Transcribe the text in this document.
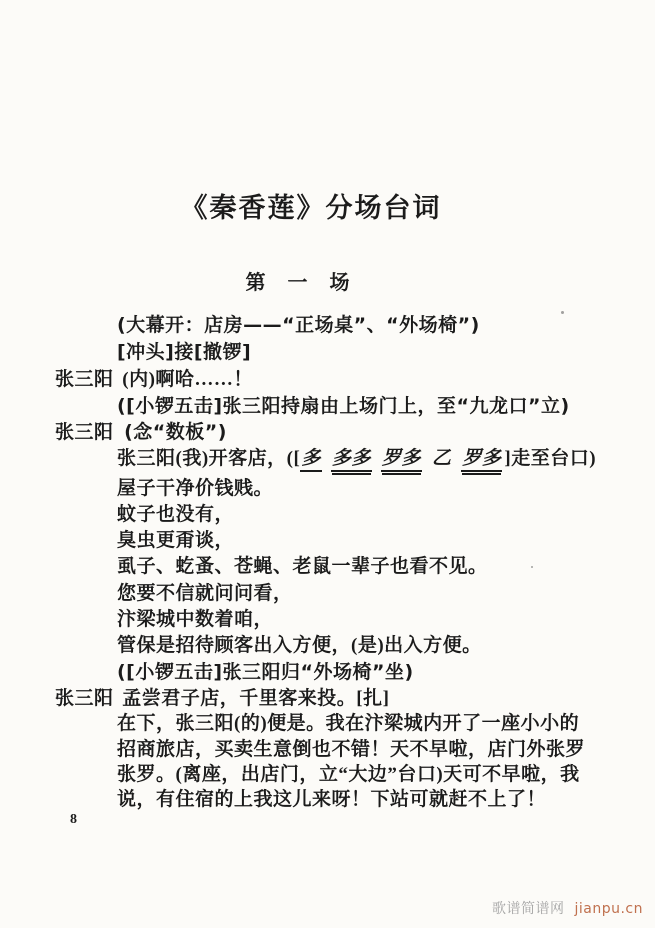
《秦香莲》分场台词
第　一　场
(大幕开：店房——“正场桌”、“外场椅”)
[冲头]接[撤锣]
张三阳 (内)啊哈……！
([小锣五击]张三阳持扇由上场门上，至“九龙口”立)
张三阳 (念“数板”)
张三阳(我)开客店，([多 多多 罗多 乙 罗多 ]走至台口)
屋子干净价钱贱。
蚊子也没有，
臭虫更甭谈，
虱子、虼蚤、苍蝇、老鼠一辈子也看不见。
您要不信就问问看，
汴梁城中数着咱，
管保是招待顾客出入方便，(是)出入方便。
([小锣五击]张三阳归“外场椅”坐)
张三阳 孟尝君子店，千里客来投。[扎]
在下，张三阳(的)便是。我在汴梁城内开了一座小小的
招商旅店，买卖生意倒也不错！天不早啦，店门外张罗
张罗。(离座，出店门，立“大边”台口)天可不早啦，我
说，有住宿的上我这儿来呀！下站可就赶不上了！
8
歌谱简谱网 jianpu.cn
